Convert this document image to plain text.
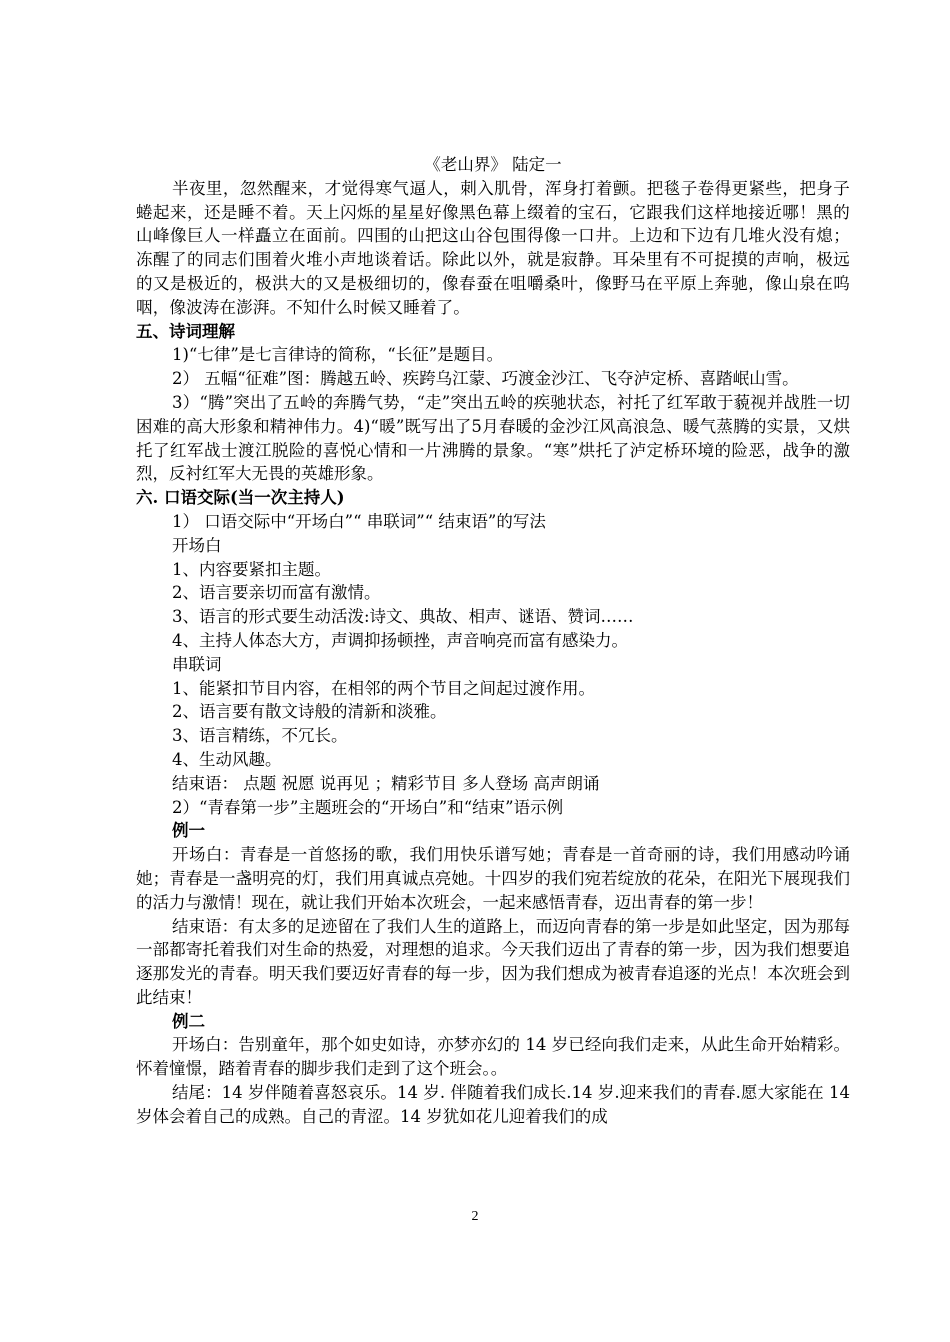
《老山界》 陆定一

半夜里，忽然醒来，才觉得寒气逼人，刺入肌骨，浑身打着颤。把毯子卷得更紧些，把身子蜷起来，还是睡不着。天上闪烁的星星好像黑色幕上缀着的宝石，它跟我们这样地接近哪！黑的山峰像巨人一样矗立在面前。四围的山把这山谷包围得像一口井。上边和下边有几堆火没有熄；冻醒了的同志们围着火堆小声地谈着话。除此以外，就是寂静。耳朵里有不可捉摸的声响，极远的又是极近的，极洪大的又是极细切的，像春蚕在咀嚼桑叶，像野马在平原上奔驰，像山泉在呜咽，像波涛在澎湃。不知什么时候又睡着了。

五、诗词理解

1)“七律”是七言律诗的简称，“长征”是题目。

2） 五幅“征难”图：腾越五岭、疾跨乌江蒙、巧渡金沙江、飞夺泸定桥、喜踏岷山雪。

3）“腾”突出了五岭的奔腾气势，“走”突出五岭的疾驰状态，衬托了红军敢于藐视并战胜一切困难的高大形象和精神伟力。4)“暖”既写出了5月春暖的金沙江风高浪急、暖气蒸腾的实景，又烘托了红军战士渡江脱险的喜悦心情和一片沸腾的景象。“寒”烘托了泸定桥环境的险恶，战争的激烈，反衬红军大无畏的英雄形象。

六. 口语交际(当一次主持人)

1） 口语交际中“开场白”“ 串联词”“ 结束语”的写法

开场白

1、内容要紧扣主题。

2、语言要亲切而富有激情。

3、语言的形式要生动活泼:诗文、典故、相声、谜语、赞词……

4、主持人体态大方，声调抑扬顿挫，声音响亮而富有感染力。

串联词

1、能紧扣节目内容，在相邻的两个节目之间起过渡作用。

2、语言要有散文诗般的清新和淡雅。

3、语言精练，不冗长。

4、生动风趣。

结束语： 点题 祝愿 说再见 ；精彩节目 多人登场 高声朗诵

2）“青春第一步”主题班会的“开场白”和“结束”语示例

例一

开场白：青春是一首悠扬的歌，我们用快乐谱写她；青春是一首奇丽的诗，我们用感动吟诵她；青春是一盏明亮的灯，我们用真诚点亮她。十四岁的我们宛若绽放的花朵，在阳光下展现我们的活力与激情！现在，就让我们开始本次班会，一起来感悟青春，迈出青春的第一步！

结束语：有太多的足迹留在了我们人生的道路上，而迈向青春的第一步是如此坚定，因为那每一部都寄托着我们对生命的热爱，对理想的追求。今天我们迈出了青春的第一步，因为我们想要追逐那发光的青春。明天我们要迈好青春的每一步，因为我们想成为被青春追逐的光点！本次班会到此结束！

例二

开场白：告别童年，那个如史如诗，亦梦亦幻的 14 岁已经向我们走来，从此生命开始精彩。怀着憧憬，踏着青春的脚步我们走到了这个班会。。

结尾：14 岁伴随着喜怒哀乐。14 岁. 伴随着我们成长.14 岁.迎来我们的青春.愿大家能在 14 岁体会着自己的成熟。自己的青涩。14 岁犹如花儿迎着我们的成

2
